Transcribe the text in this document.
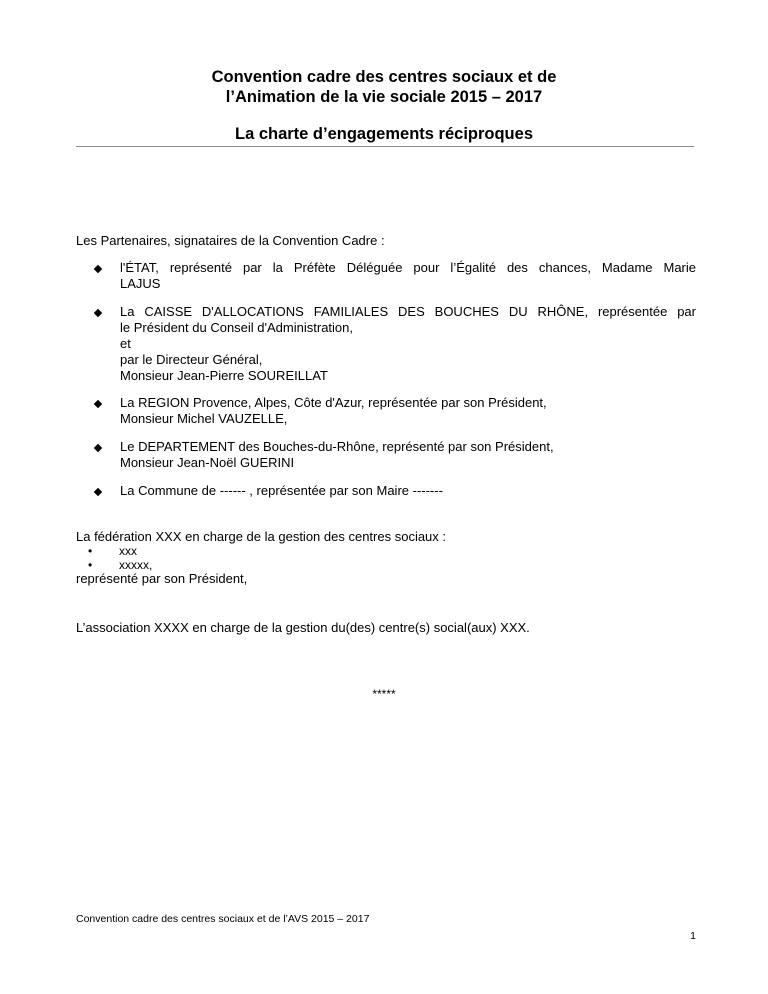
Convention cadre des centres sociaux et de
l’Animation de la vie sociale 2015 – 2017
La charte d’engagements réciproques
Les Partenaires, signataires de la Convention Cadre :

l'ÉTAT, représenté par la Préfète Déléguée pour l’Égalité des chances, Madame Marie

LAJUS

La CAISSE D'ALLOCATIONS FAMILIALES DES BOUCHES DU RHÔNE, représentée par

le Président du Conseil d'Administration,

et

par le Directeur Général,

Monsieur Jean-Pierre SOUREILLAT

La REGION Provence, Alpes, Côte d'Azur, représentée par son Président,

Monsieur Michel VAUZELLE,

Le DEPARTEMENT des Bouches-du-Rhône, représenté par son Président,

Monsieur Jean-Noël GUERINI

La Commune de ------ , représentée par son Maire -------

La fédération XXX en charge de la gestion des centres sociaux :
• xxx
• xxxxx,
représenté par son Président,
L’association XXXX en charge de la gestion du(des) centre(s) social(aux) XXX.
*****
Convention cadre des centres sociaux et de l’AVS 2015 – 2017
1
